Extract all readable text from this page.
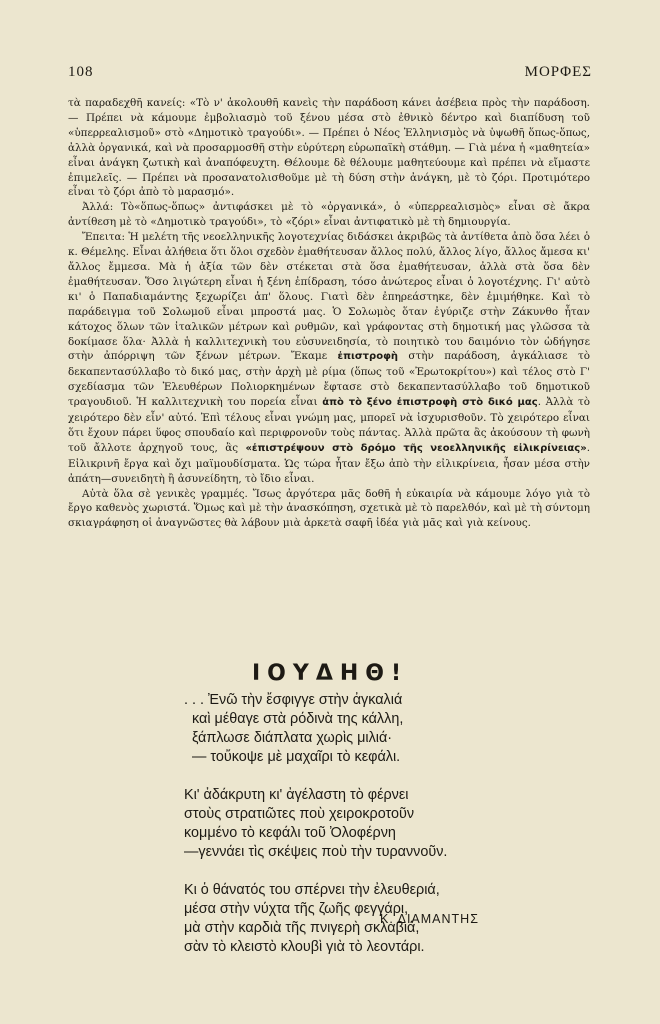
108	ΜΟΡΦΕΣ

τὰ παραδεχθῆ κανείς: «Τὸ ν' ἀκολουθῆ κανεὶς τὴν παράδοση κάνει ἀσέβεια πρὸς τὴν παράδοση. — Πρέπει νὰ κάμουμε ἐμβολιασμὸ τοῦ ξένου μέσα στὸ ἐθνικὸ δέντρο καὶ διαπίδυση τοῦ «ὑπερρεαλισμοῦ» στὸ «Δημοτικὸ τραγούδι». — Πρέπει ὁ Νέος Ἑλληνισμὸς νὰ ὑψωθῆ ὅπως-ὅπως, ἀλλὰ ὀργανικά, καὶ νὰ προσαρμοσθῆ στὴν εὐρύτερη εὐρωπαϊκὴ στάθμη. — Γιὰ μένα ἡ «μαθητεία» εἶναι ἀνάγκη ζωτικὴ καὶ ἀναπόφευχτη. Θέλουμε δὲ θέλουμε μαθητεύουμε καὶ πρέπει νὰ εἴμαστε ἐπιμελεῖς. — Πρέπει νὰ προσανατολισθοῦμε μὲ τὴ δύση στὴν ἀνάγκη, μὲ τὸ ζόρι. Προτιμότερο εἶναι τὸ ζόρι ἀπὸ τὸ μαρασμό».

Ἀλλά: Τὸ«ὅπως-ὅπως» ἀντιφάσκει μὲ τὸ «ὀργανικά», ὁ «ὑπερρεαλισμὸς» εἶναι σὲ ἄκρα ἀντίθεση μὲ τὸ «Δημοτικὸ τραγούδι», τὸ «ζόρι» εἶναι ἀντιφατικὸ μὲ τὴ δημιουργία.

Ἔπειτα: Ἡ μελέτη τῆς νεοελληνικῆς λογοτεχνίας διδάσκει ἀκριβῶς τὰ ἀντίθετα ἀπὸ ὅσα λέει ὁ κ. Θέμελης. Εἶναι ἀλήθεια ὅτι ὅλοι σχεδὸν ἐμαθήτευσαν ἄλλος πολύ, ἄλλος λίγο, ἄλλος ἄμεσα κι' ἄλλος ἔμμεσα. Μὰ ἡ ἀξία τῶν δὲν στέκεται στὰ ὅσα ἐμαθήτευσαν, ἀλλὰ στὰ ὅσα δὲν ἐμαθήτευσαν. Ὅσο λιγώτερη εἶναι ἡ ξένη ἐπίδραση, τόσο ἀνώτερος εἶναι ὁ λογοτέχνης. Γι' αὐτὸ κι' ὁ Παπαδιαμάντης ξεχωρίζει ἀπ' ὅλους. Γιατὶ δὲν ἐπηρεάστηκε, δὲν ἐμιμήθηκε. Καὶ τὸ παράδειγμα τοῦ Σολωμοῦ εἶναι μπροστά μας. Ὁ Σολωμὸς ὅταν ἐγύριζε στὴν Ζάκυνθο ἦταν κάτοχος ὅλων τῶν ἰταλικῶν μέτρων καὶ ρυθμῶν, καὶ γράφοντας στὴ δημοτική μας γλῶσσα τὰ δοκίμασε ὅλα· Ἀλλὰ ἡ καλλιτεχνικὴ του εὐσυνειδησία, τὸ ποιητικὸ του δαιμόνιο τὸν ὡδήγησε στὴν ἀπόρριψη τῶν ξένων μέτρων. Ἔκαμε ἐπιστροφὴ στὴν παράδοση, ἀγκάλιασε τὸ δεκαπεντασύλλαβο τὸ δικό μας, στὴν ἀρχὴ μὲ ρίμα (ὅπως τοῦ «Ἐρωτοκρίτου») καὶ τέλος στὸ Γ' σχεδίασμα τῶν Ἐλευθέρων Πολιορκημένων ἔφτασε στὸ δεκαπεντασύλλαβο τοῦ δημοτικοῦ τραγουδιοῦ. Ἡ καλλιτεχνικὴ του πορεία εἶναι ἀπὸ τὸ ξένο ἐπιστροφὴ στὸ δικό μας. Ἀλλὰ τὸ χειρότερο δὲν εἶν' αὐτό. Ἐπὶ τέλους εἶναι γνώμη μας, μπορεῖ νὰ ἰσχυρισθοῦν. Τὸ χειρότερο εἶναι ὅτι ἔχουν πάρει ὕφος σπουδαίο καὶ περιφρονοῦν τοὺς πάντας. Ἀλλὰ πρῶτα ἂς ἀκούσουν τὴ φωνὴ τοῦ ἄλλοτε ἀρχηγοῦ τους, ἂς «ἐπιστρέψουν στὸ δρόμο τῆς νεοελληνικῆς εἰλικρίνειας». Εἰλικρινῆ ἔργα καὶ ὄχι μαϊμουδίσματα. Ὡς τώρα ἦταν ἔξω ἀπὸ τὴν εἰλικρίνεια, ἦσαν μέσα στὴν ἀπάτη—συνειδητὴ ἢ ἀσυνείδητη, τὸ ἴδιο εἶναι.

Αὐτὰ ὅλα σὲ γενικὲς γραμμές. Ἴσως ἀργότερα μᾶς δοθῆ ἡ εὐκαιρία νὰ κάμουμε λόγο γιὰ τὸ ἔργο καθενὸς χωριστά. Ὅμως καὶ μὲ τὴν ἀνασκόπηση, σχετικὰ μὲ τὸ παρελθόν, καὶ μὲ τὴ σύντομη σκιαγράφηση οἱ ἀναγνῶστες θὰ λάβουν μιὰ ἀρκετὰ σαφῆ ἰδέα γιὰ μᾶς καὶ γιὰ κείνους.

ΙΟΥΔΗΘ!
. . . Ἐνῶ τὴν ἔσφιγγε στὴν ἀγκαλιά
καὶ μέθαγε στὰ ρόδινὰ της κάλλη,
ξάπλωσε διάπλατα χωρὶς μιλιά·
— τοὔκοψε μὲ μαχαῖρι τὸ κεφάλι.
Κι' ἀδάκρυτη κι' ἀγέλαστη τὸ φέρνει
στοὺς στρατιῶτες ποὺ χειροκροτοῦν
κομμένο τὸ κεφάλι τοῦ Ὀλοφέρνη
—γεννάει τὶς σκέψεις ποὺ τὴν τυραννοῦν.
Κι ὁ θάνατός του σπέρνει τὴν ἐλευθεριά,
μέσα στὴν νύχτα τῆς ζωῆς φεγγάρι,
μὰ στὴν καρδιὰ τῆς πνιγερὴ σκλαβιά,
σὰν τὸ κλειστὸ κλουβὶ γιὰ τὸ λεοντάρι.
Κ. ΔΙΑΜΑΝΤΗΣ
